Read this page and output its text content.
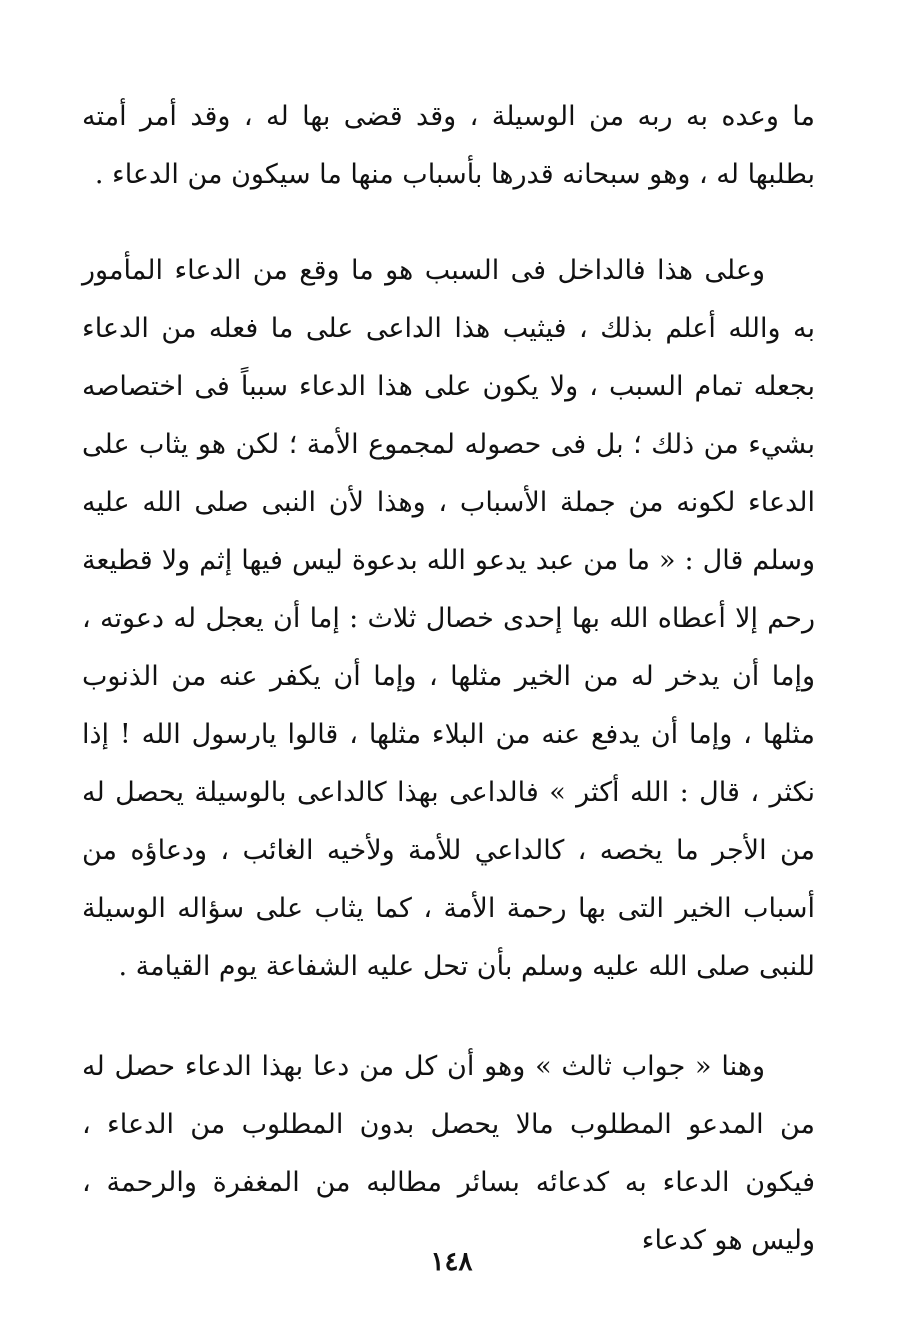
ما وعده به ربه من الوسيلة ، وقد قضى بها له ، وقد أمر أمته بطلبها له ، وهو سبحانه قدرها بأسباب منها ما سيكون من الدعاء .

وعلى هذا فالداخل فى السبب هو ما وقع من الدعاء المأمور به والله أعلم بذلك ، فيثيب هذا الداعى على ما فعله من الدعاء بجعله تمام السبب ، ولا يكون على هذا الدعاء سبباً فى اختصاصه بشيء من ذلك ؛ بل فى حصوله لمجموع الأمة ؛ لكن هو يثاب على الدعاء لكونه من جملة الأسباب ، وهذا لأن النبى صلى الله عليه وسلم قال : « ما من عبد يدعو الله بدعوة ليس فيها إثم ولا قطيعة رحم إلا أعطاه الله بها إحدى خصال ثلاث : إما أن يعجل له دعوته ، وإما أن يدخر له من الخير مثلها ، وإما أن يكفر عنه من الذنوب مثلها ، وإما أن يدفع عنه من البلاء مثلها ، قالوا يارسول الله ! إذا نكثر ، قال : الله أكثر » فالداعى بهذا كالداعى بالوسيلة يحصل له من الأجر ما يخصه ، كالداعي للأمة ولأخيه الغائب ، ودعاؤه من أسباب الخير التى بها رحمة الأمة ، كما يثاب على سؤاله الوسيلة للنبى صلى الله عليه وسلم بأن تحل عليه الشفاعة يوم القيامة .

وهنا « جواب ثالث » وهو أن كل من دعا بهذا الدعاء حصل له من المدعو المطلوب مالا يحصل بدون المطلوب من الدعاء ، فيكون الدعاء به كدعائه بسائر مطالبه من المغفرة والرحمة ، وليس هو كدعاء

١٤٨
